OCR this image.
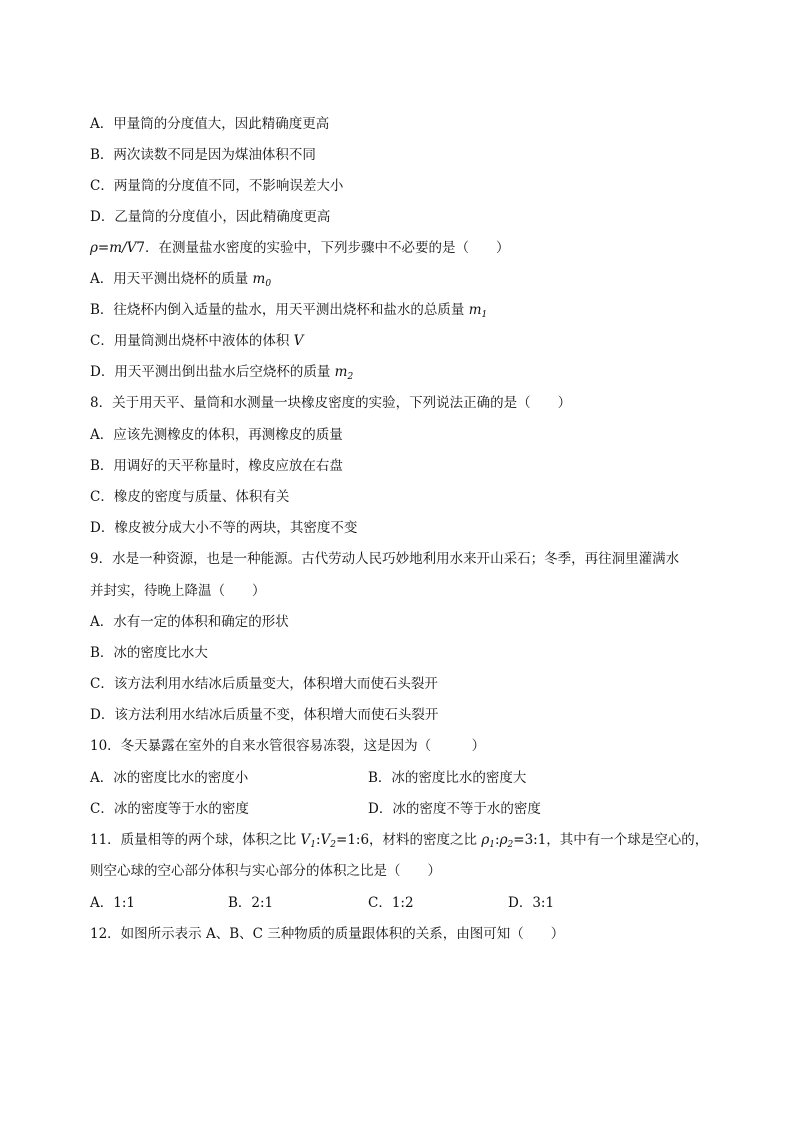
A．甲量筒的分度值大，因此精确度更高
B．两次读数不同是因为煤油体积不同
C．两量筒的分度值不同，不影响误差大小
D．乙量筒的分度值小，因此精确度更高
ρ=m/V7．在测量盐水密度的实验中，下列步骤中不必要的是（　　）
A．用天平测出烧杯的质量 $m_0$
B．往烧杯内倒入适量的盐水，用天平测出烧杯和盐水的总质量 $m_1$
C．用量筒测出烧杯中液体的体积 V
D．用天平测出倒出盐水后空烧杯的质量 $m_2$
8．关于用天平、量筒和水测量一块橡皮密度的实验，下列说法正确的是（　　）
A．应该先测橡皮的体积，再测橡皮的质量
B．用调好的天平称量时，橡皮应放在右盘
C．橡皮的密度与质量、体积有关
D．橡皮被分成大小不等的两块，其密度不变
9．水是一种资源，也是一种能源。古代劳动人民巧妙地利用水来开山采石；冬季，再往洞里灌满水
并封实，待晚上降温（　　）
A．水有一定的体积和确定的形状
B．冰的密度比水大
C．该方法利用水结冰后质量变大，体积增大而使石头裂开
D．该方法利用水结冰后质量不变，体积增大而使石头裂开
10．冬天暴露在室外的自来水管很容易冻裂，这是因为（　　　）
A．冰的密度比水的密度小	B．冰的密度比水的密度大
C．冰的密度等于水的密度	D．冰的密度不等于水的密度
11．质量相等的两个球，体积之比 $V_1:V_2=1:6$，材料的密度之比 $\rho_1:\rho_2=3:1$，其中有一个球是空心的，
则空心球的空心部分体积与实心部分的体积之比是（　　）
A．1:1	B．2:1	C．1:2	D．3:1
12．如图所示表示 A、B、C 三种物质的质量跟体积的关系，由图可知（　　）
